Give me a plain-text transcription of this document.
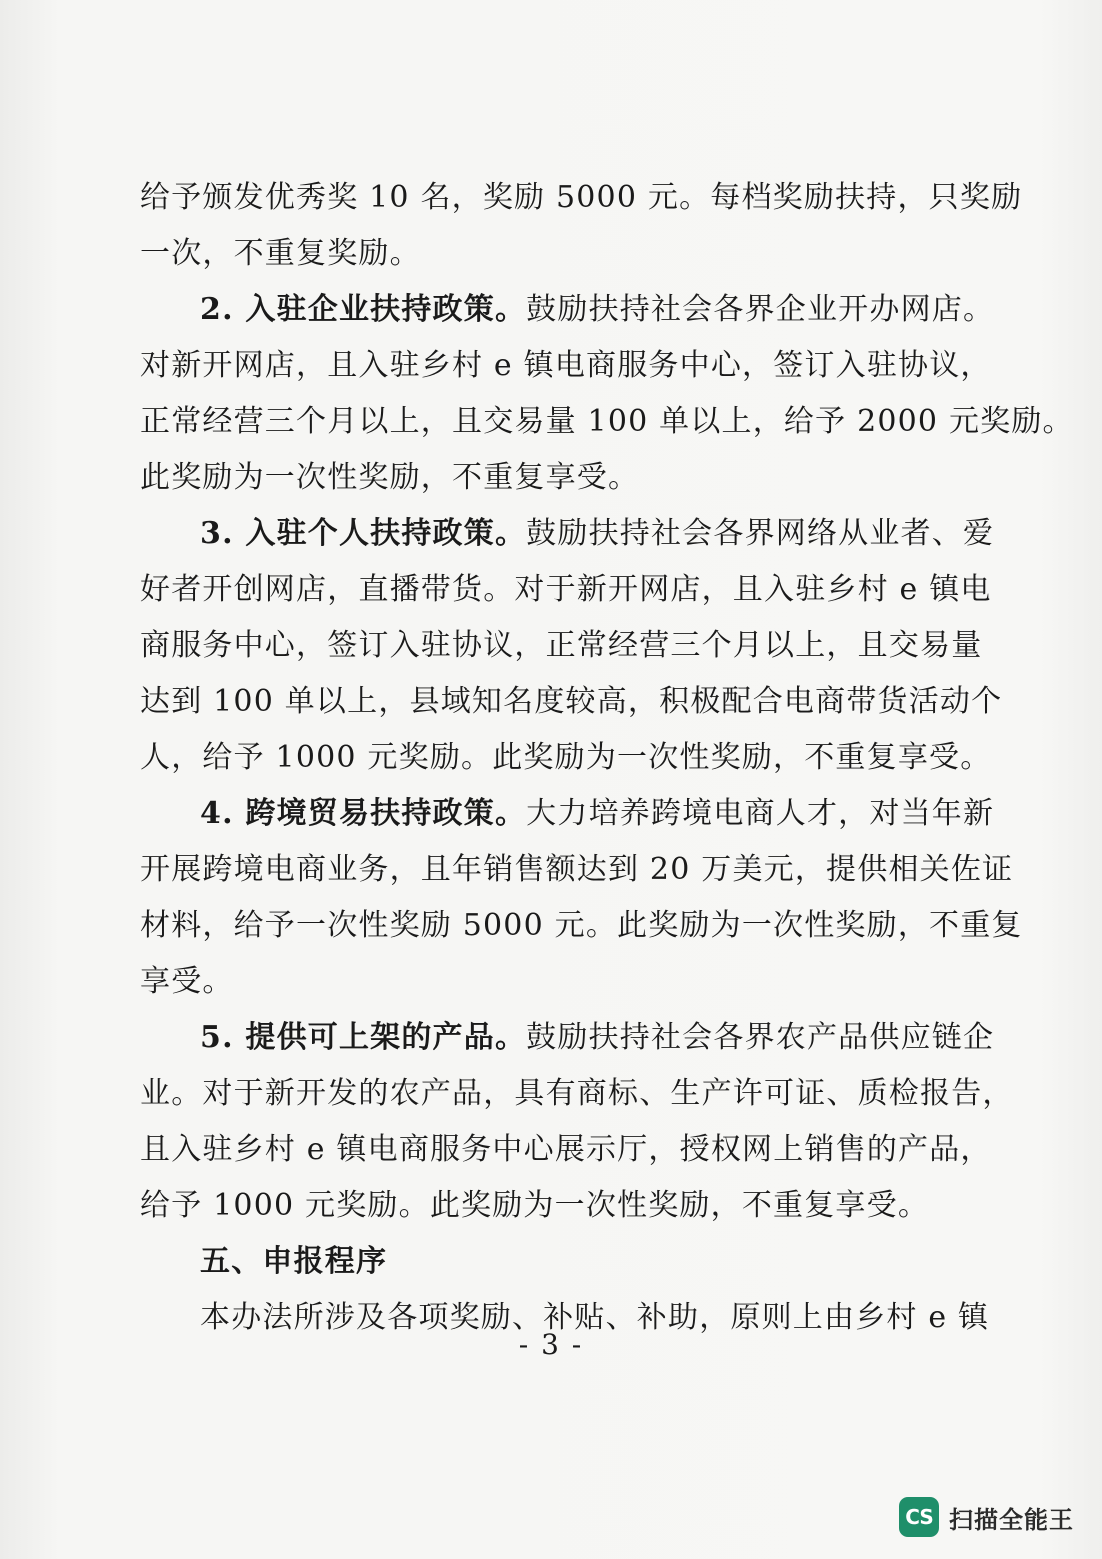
给予颁发优秀奖 10 名，奖励 5000 元。每档奖励扶持，只奖励
一次，不重复奖励。
2. 入驻企业扶持政策。鼓励扶持社会各界企业开办网店。
对新开网店，且入驻乡村 e 镇电商服务中心，签订入驻协议，
正常经营三个月以上，且交易量 100 单以上，给予 2000 元奖励。
此奖励为一次性奖励，不重复享受。
3. 入驻个人扶持政策。鼓励扶持社会各界网络从业者、爱
好者开创网店，直播带货。对于新开网店，且入驻乡村 e 镇电
商服务中心，签订入驻协议，正常经营三个月以上，且交易量
达到 100 单以上，县域知名度较高，积极配合电商带货活动个
人，给予 1000 元奖励。此奖励为一次性奖励，不重复享受。
4. 跨境贸易扶持政策。大力培养跨境电商人才，对当年新
开展跨境电商业务，且年销售额达到 20 万美元，提供相关佐证
材料，给予一次性奖励 5000 元。此奖励为一次性奖励，不重复
享受。
5. 提供可上架的产品。鼓励扶持社会各界农产品供应链企
业。对于新开发的农产品，具有商标、生产许可证、质检报告，
且入驻乡村 e 镇电商服务中心展示厅，授权网上销售的产品，
给予 1000 元奖励。此奖励为一次性奖励，不重复享受。
五、申报程序
本办法所涉及各项奖励、补贴、补助，原则上由乡村 e 镇
- 3 -
CS 扫描全能王
